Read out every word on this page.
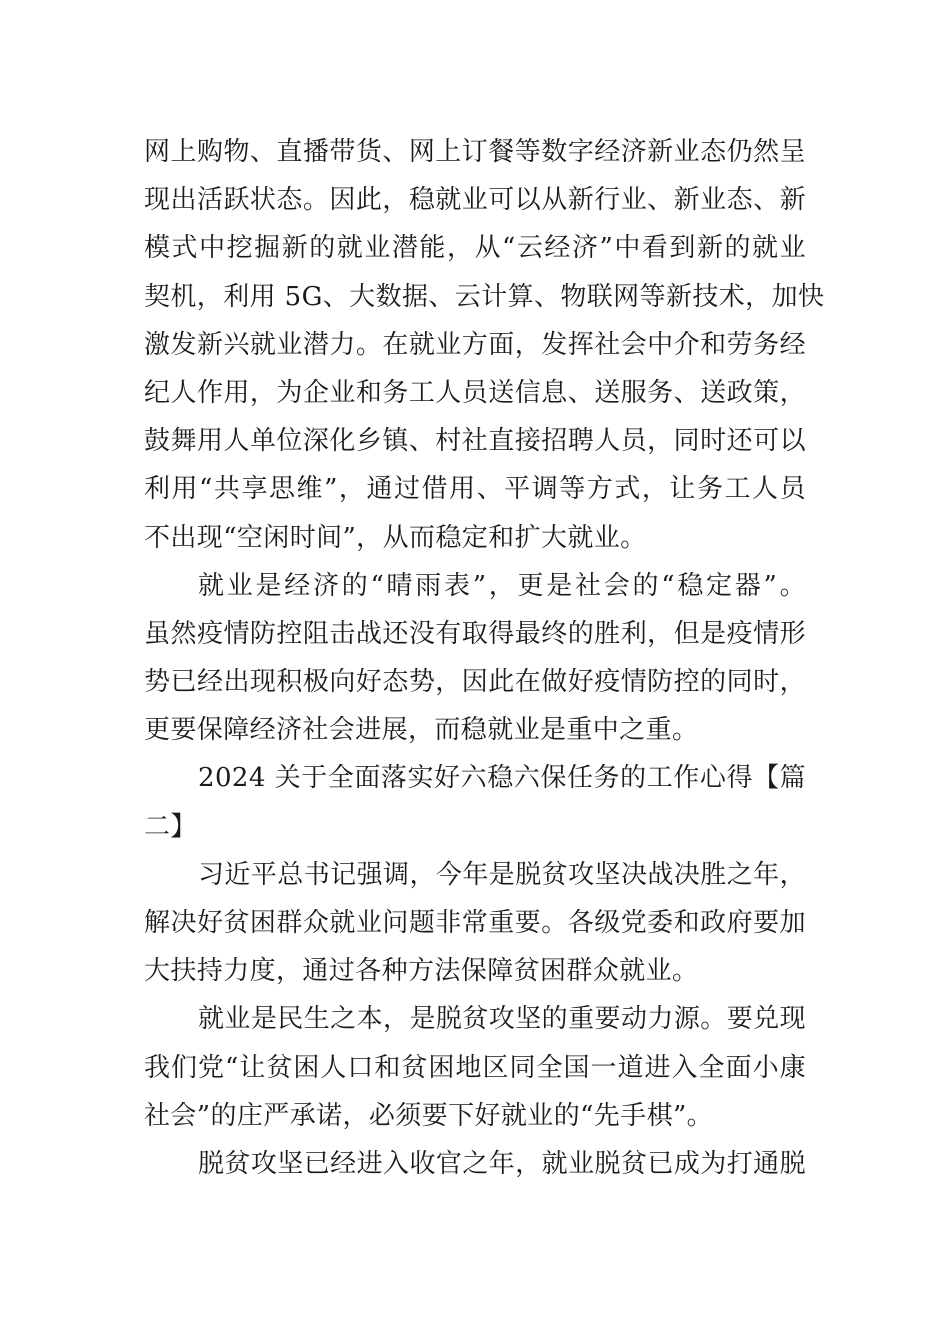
网上购物、直播带货、网上订餐等数字经济新业态仍然呈
现出活跃状态。因此，稳就业可以从新行业、新业态、新
模式中挖掘新的就业潜能，从“云经济”中看到新的就业
契机，利用 5G、大数据、云计算、物联网等新技术，加快
激发新兴就业潜力。在就业方面，发挥社会中介和劳务经
纪人作用，为企业和务工人员送信息、送服务、送政策，
鼓舞用人单位深化乡镇、村社直接招聘人员，同时还可以
利用“共享思维”，通过借用、平调等方式，让务工人员
不出现“空闲时间”，从而稳定和扩大就业。
就业是经济的“晴雨表”，更是社会的“稳定器”。
虽然疫情防控阻击战还没有取得最终的胜利，但是疫情形
势已经出现积极向好态势，因此在做好疫情防控的同时，
更要保障经济社会进展，而稳就业是重中之重。
2024 关于全面落实好六稳六保任务的工作心得【篇
二】
习近平总书记强调，今年是脱贫攻坚决战决胜之年，
解决好贫困群众就业问题非常重要。各级党委和政府要加
大扶持力度，通过各种方法保障贫困群众就业。
就业是民生之本，是脱贫攻坚的重要动力源。要兑现
我们党“让贫困人口和贫困地区同全国一道进入全面小康
社会”的庄严承诺，必须要下好就业的“先手棋”。
脱贫攻坚已经进入收官之年，就业脱贫已成为打通脱
